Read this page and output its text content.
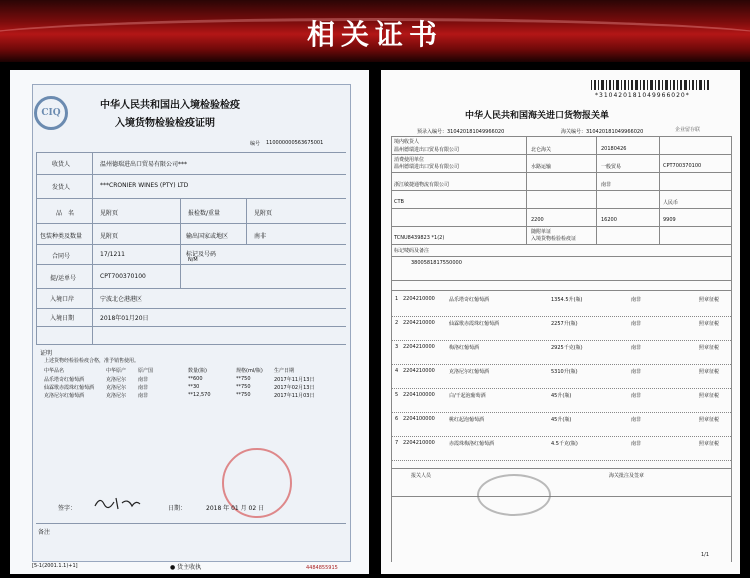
相关证书
CIQ
中华人民共和国出入境检验检疫
入境货物检验检疫证明
编号 110000000563675001
收货人	温州德瑞进出口贸易有限公司***
发货人	***CRONIER WINES (PTY) LTD
品　名	见附页	报检数/重量	见附页
包装种类及数量	见附页	输出国家或地区	南非
合同号	17/1211	标记及号码
N/M
提/运单号	CPT700370100
入境口岸	宁波北仑港港区
入境日期	2018年01月20日
证明
上述货物经检验检疫合格，准予销售使用。
中华品名	中华原产 原产国	数量(瓶)	规格(ml/瓶) 生产日期
品乐塔奇红葡萄酒	克洛尼尔 南非	**600	**750	2017年11月13日
仙霖歌赤霞珠红葡萄酒 克洛尼尔 南非	**30	**750	2017年02月13日
克洛尼尔红葡萄酒	克洛尼尔 南非	**12,570	**750	2017年11月03日
签字：	日期：	2018 年 01 月 02 日
备注
[5-1(2001.1.1)+1]	● 货主收执	4484855915
*310420181049966020*
中华人民共和国海关进口货物报关单
预录入编号：310420181049966020	海关编号：310420181049966020	企业留存联
境内收货人
温州德瑞进出口贸易有限公司	北仑海关	20180426
消费使用单位
温州德瑞进出口贸易有限公司	水路运输	一般贸易	CPT700370100
浙江敏捷通物流有限公司	南非
CTB	人民币
2200	16200	9909
TCNU8439823 *1(2)
随附单证
入境货物检验检疫证
标记唛码及备注
3800581817550000
1 2204210000	品乐塔奇红葡萄酒	1354.5升(瓶)	南非	照章征税
2 2204210000	仙霖歌赤霞珠红葡萄酒	2257升(瓶)	南非	照章征税
3 2204210000	梅洛红葡萄酒	2925千克(瓶)	南非	照章征税
4 2204210000	克洛尼尔红葡萄酒	5310升(瓶)	南非	照章征税
5 2204100000	白/干起泡葡萄酒	45升(瓶)	南非	照章征税
6 2204100000	桃红起泡葡萄酒	45升(瓶)	南非	照章征税
7 2204210000	赤霞珠梅洛红葡萄酒	4.5千克(瓶)	南非	照章征税
报关人员	海关批注及签章
1/1
